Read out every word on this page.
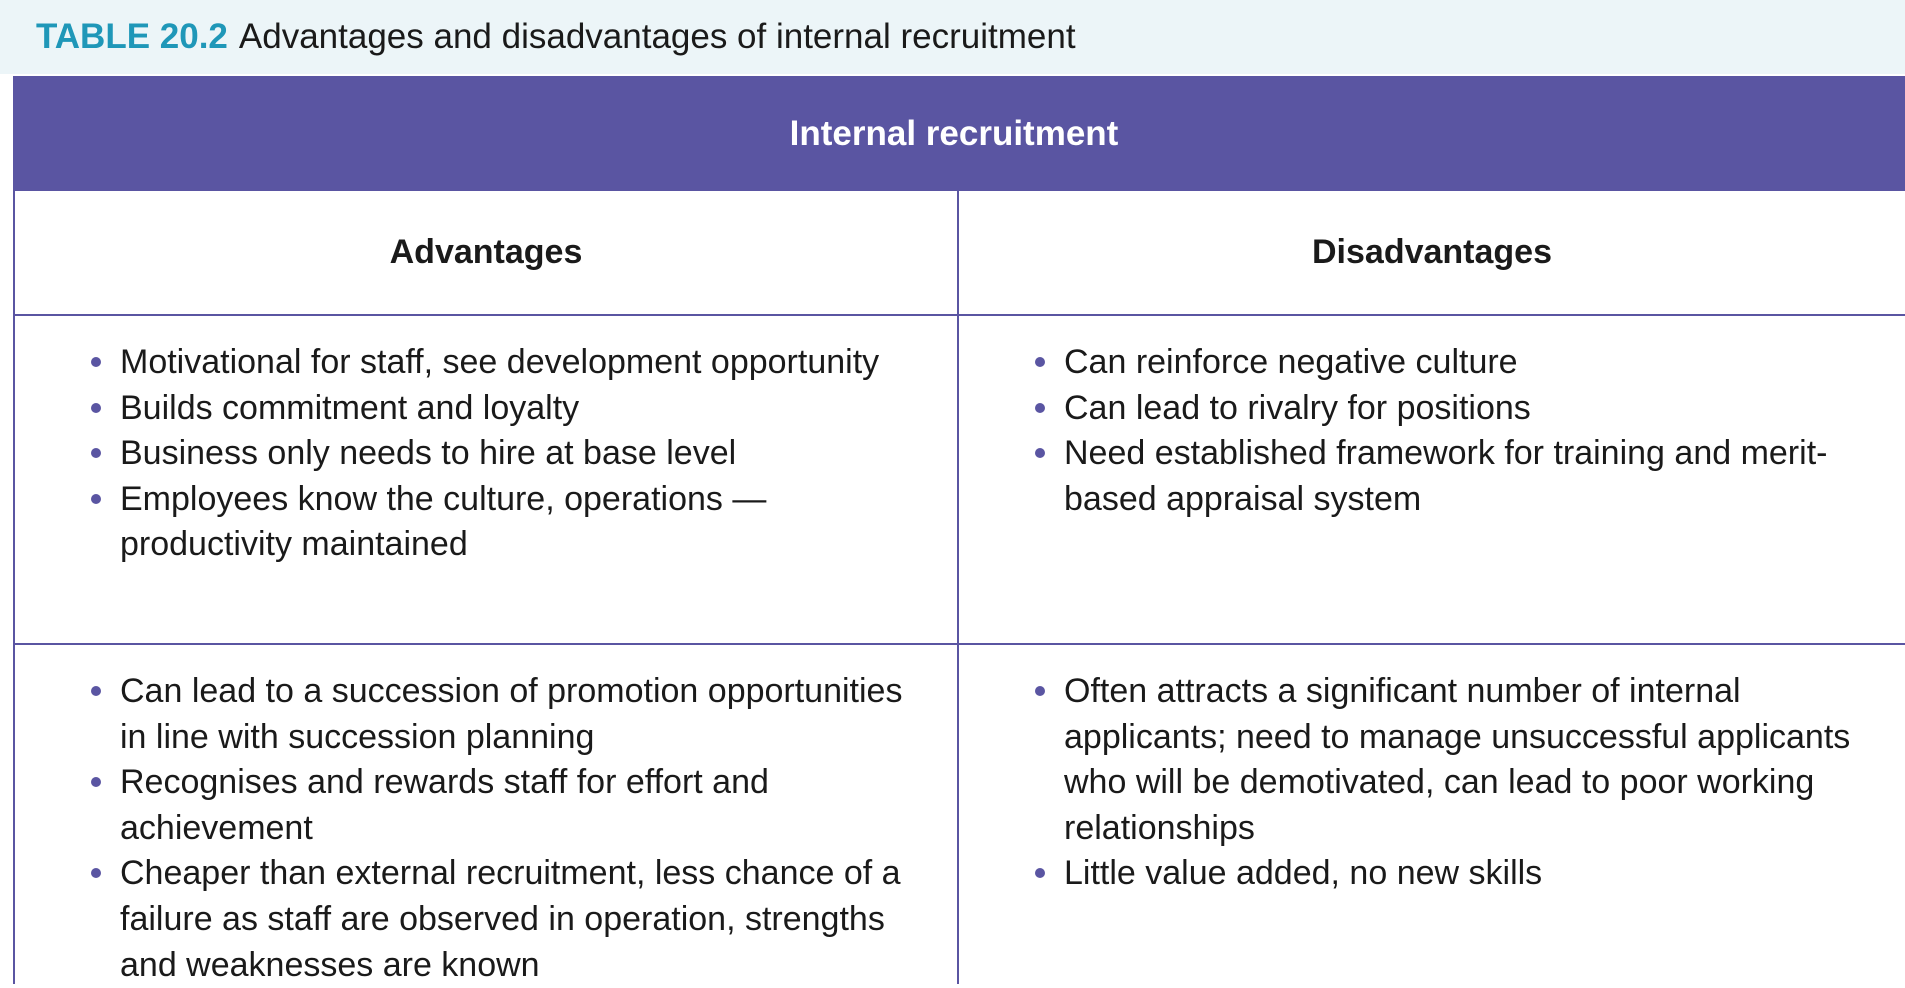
TABLE 20.2 Advantages and disadvantages of internal recruitment
Internal recruitment
Advantages	Disadvantages
Motivational for staff, see development opportunity
Builds commitment and loyalty
Business only needs to hire at base level
Employees know the culture, operations — productivity maintained
Can reinforce negative culture
Can lead to rivalry for positions
Need established framework for training and merit-based appraisal system
Can lead to a succession of promotion opportunities in line with succession planning
Recognises and rewards staff for effort and achievement
Cheaper than external recruitment, less chance of a failure as staff are observed in operation, strengths and weaknesses are known
Often attracts a significant number of internal applicants; need to manage unsuccessful applicants who will be demotivated, can lead to poor working relationships
Little value added, no new skills
